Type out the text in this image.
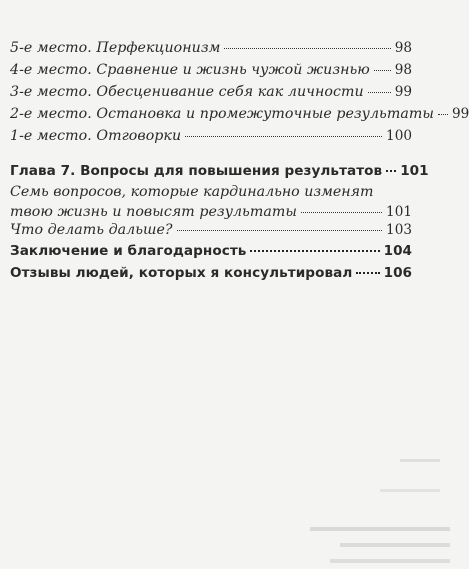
5-е место. Перфекционизм	98
4-е место. Сравнение и жизнь чужой жизнью 98
3-е место. Обесценивание себя как личности 99
2-е место. Остановка и промежуточные результаты 99
1-е место. Отговорки	100
Глава 7. Вопросы для повышения результатов 101
Семь вопросов, которые кардинально изменят
твою жизнь и повысят результаты	101
Что делать дальше?	103
Заключение и благодарность	104
Отзывы людей, которых я консультировал 106
